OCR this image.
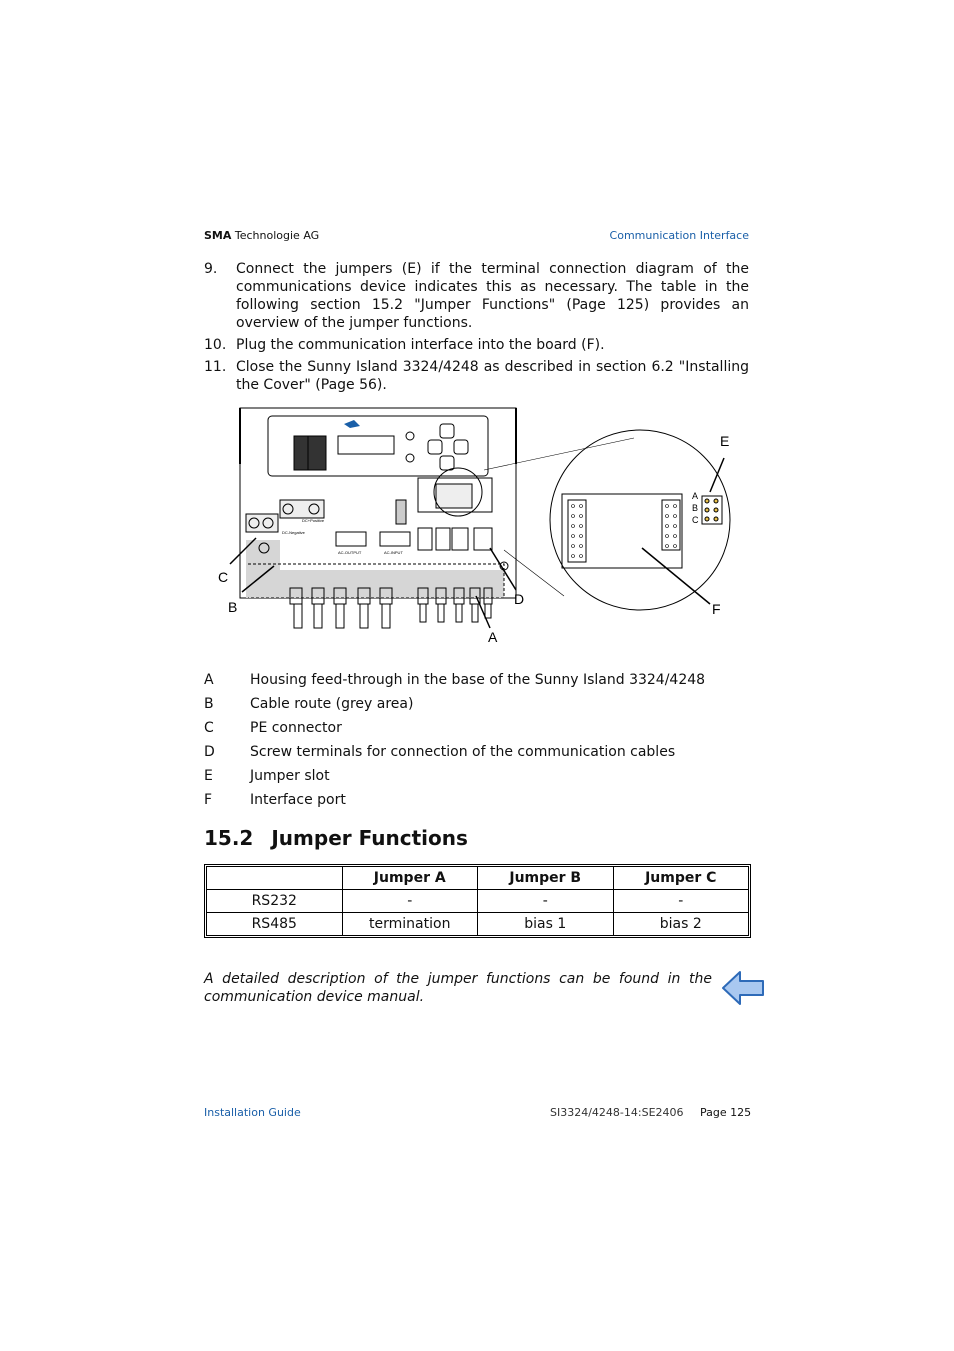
SMA Technologie AG	Communication Interface
9.	Connect the jumpers (E) if the terminal connection diagram of the communications device indicates this as necessary. The table in the following section 15.2 "Jumper Functions" (Page 125) provides an overview of the jumper functions.
10. Plug the communication interface into the board (F).
11. Close the Sunny Island 3324/4248 as described in section 6.2 "Installing the Cover" (Page 56).
DC-Negative
DC+Positive
AC-OUTPUT	AC-INPUT
A
B
C
E
C
B	D
A
F
A	Housing feed-through in the base of the Sunny Island 3324/4248
B	Cable route (grey area)
C	PE connector
D	Screw terminals for connection of the communication cables
E	Jumper slot
F	Interface port
15.2 Jumper Functions
	Jumper A	Jumper B	Jumper C
RS232	-	-	-
RS485	termination	bias 1	bias 2
A detailed description of the jumper functions can be found in the communication device manual.
Installation Guide	SI3324/4248-14:SE2406 Page 125
